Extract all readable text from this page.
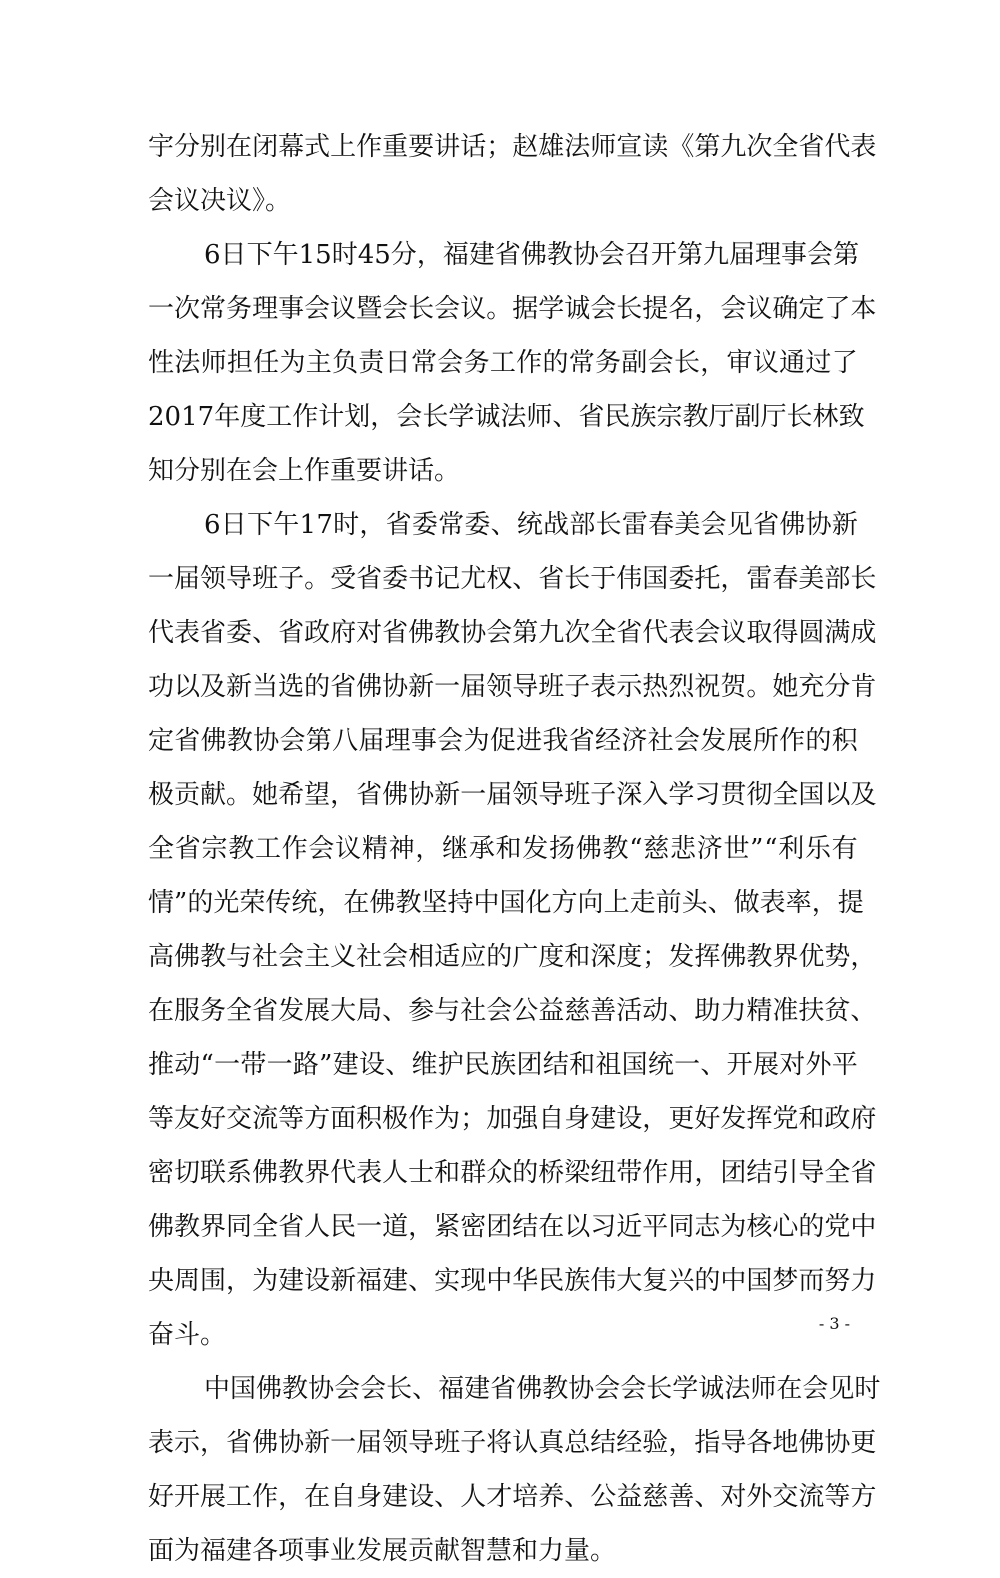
宇 分 别 在 闭 幕 式 上 作 重 要 讲 话 ； 赵 雄 法 师 宣 读 《 第 九 次 全 省 代 表
会议决议》。
6 日 下 午 1 5 时 4 5 分 ， 福 建 省 佛 教 协 会 召 开 第 九 届 理 事 会 第
一 次 常 务 理 事 会 议 暨 会 长 会 议 。 据 学 诚 会 长 提 名 ， 会 议 确 定 了 本
性 法 师 担 任 为 主 负 责 日 常 会 务 工 作 的 常 务 副 会 长 ， 审 议 通 过 了
2 0 1 7 年 度 工 作 计 划 ， 会 长 学 诚 法 师 、 省 民 族 宗 教 厅 副 厅 长 林 致
知分别在会上作重要讲话。
6 日 下 午 1 7 时 ， 省 委 常 委 、 统 战 部 长 雷 春 美 会 见 省 佛 协 新
一 届 领 导 班 子 。 受 省 委 书 记 尤 权 、 省 长 于 伟 国 委 托 ， 雷 春 美 部 长
代 表 省 委 、 省 政 府 对 省 佛 教 协 会 第 九 次 全 省 代 表 会 议 取 得 圆 满 成
功 以 及 新 当 选 的 省 佛 协 新 一 届 领 导 班 子 表 示 热 烈 祝 贺 。 她 充 分 肯
定 省 佛 教 协 会 第 八 届 理 事 会 为 促 进 我 省 经 济 社 会 发 展 所 作 的 积
极 贡 献 。 她 希 望 ， 省 佛 协 新 一 届 领 导 班 子 深 入 学 习 贯 彻 全 国 以 及
全 省 宗 教 工 作 会 议 精 神 ， 继 承 和 发 扬 佛 教 “ 慈 悲 济 世 ” “ 利 乐 有
情 ” 的 光 荣 传 统 ， 在 佛 教 坚 持 中 国 化 方 向 上 走 前 头 、 做 表 率 ， 提
高 佛 教 与 社 会 主 义 社 会 相 适 应 的 广 度 和 深 度 ； 发 挥 佛 教 界 优 势 ，
在 服 务 全 省 发 展 大 局 、 参 与 社 会 公 益 慈 善 活 动 、 助 力 精 准 扶 贫 、
推 动 “ 一 带 一 路 ” 建 设 、 维 护 民 族 团 结 和 祖 国 统 一 、 开 展 对 外 平
等 友 好 交 流 等 方 面 积 极 作 为 ； 加 强 自 身 建 设 ， 更 好 发 挥 党 和 政 府
密 切 联 系 佛 教 界 代 表 人 士 和 群 众 的 桥 梁 纽 带 作 用 ， 团 结 引 导 全 省
佛 教 界 同 全 省 人 民 一 道 ， 紧 密 团 结 在 以 习 近 平 同 志 为 核 心 的 党 中
央 周 围 ， 为 建 设 新 福 建 、 实 现 中 华 民 族 伟 大 复 兴 的 中 国 梦 而 努 力
奋斗。
中 国 佛 教 协 会 会 长 、 福 建 省 佛 教 协 会 会 长 学 诚 法 师 在 会 见 时
表 示 ， 省 佛 协 新 一 届 领 导 班 子 将 认 真 总 结 经 验 ， 指 导 各 地 佛 协 更
好 开 展 工 作 ， 在 自 身 建 设 、 人 才 培 养 、 公 益 慈 善 、 对 外 交 流 等 方
面为福建各项事业发展贡献智慧和力量。
- 3 -
